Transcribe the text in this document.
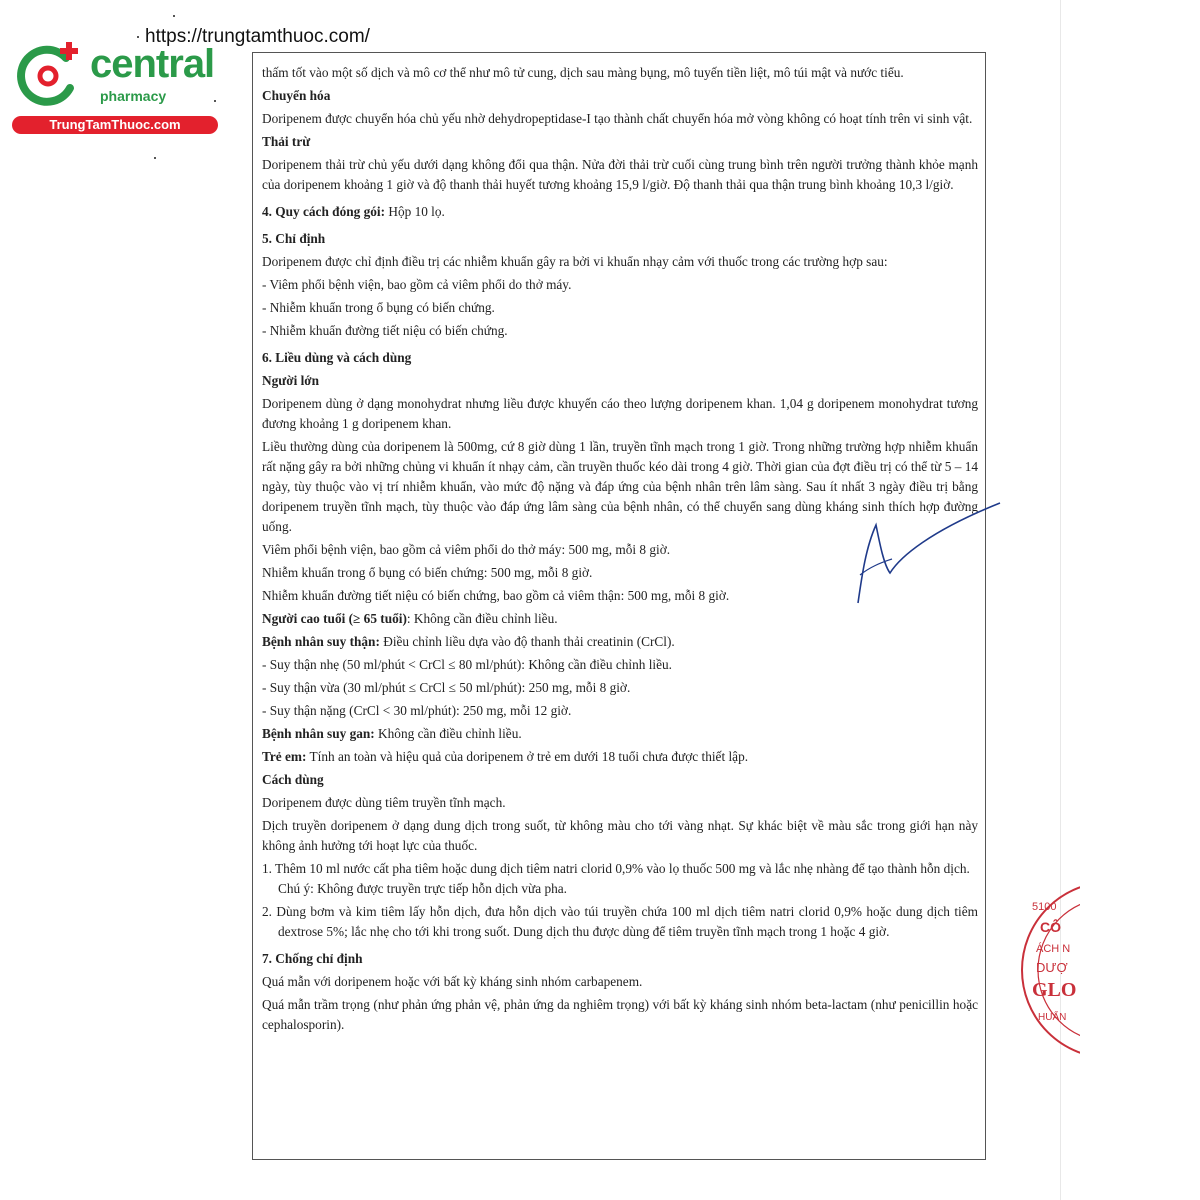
https://trungtamthuoc.com/
central
pharmacy
TrungTamThuoc.com

thấm tốt vào một số dịch và mô cơ thể như mô tử cung, dịch sau màng bụng, mô tuyến tiền liệt, mô túi mật và nước tiểu.

Chuyển hóa

Doripenem được chuyển hóa chủ yếu nhờ dehydropeptidase-I tạo thành chất chuyển hóa mở vòng không có hoạt tính trên vi sinh vật.

Thải trừ

Doripenem thải trừ chủ yếu dưới dạng không đổi qua thận. Nửa đời thải trừ cuối cùng trung bình trên người trưởng thành khỏe mạnh của doripenem khoảng 1 giờ và độ thanh thải huyết tương khoảng 15,9 l/giờ. Độ thanh thải qua thận trung bình khoảng 10,3 l/giờ.

4. Quy cách đóng gói: Hộp 10 lọ.

5. Chỉ định

Doripenem được chỉ định điều trị các nhiễm khuẩn gây ra bởi vi khuẩn nhạy cảm với thuốc trong các trường hợp sau:

- Viêm phổi bệnh viện, bao gồm cả viêm phổi do thở máy.

- Nhiễm khuẩn trong ổ bụng có biến chứng.

- Nhiễm khuẩn đường tiết niệu có biến chứng.

6. Liều dùng và cách dùng
Người lớn

Doripenem dùng ở dạng monohydrat nhưng liều được khuyến cáo theo lượng doripenem khan. 1,04 g doripenem monohydrat tương đương khoảng 1 g doripenem khan.

Liều thường dùng của doripenem là 500mg, cứ 8 giờ dùng 1 lần, truyền tĩnh mạch trong 1 giờ. Trong những trường hợp nhiễm khuẩn rất nặng gây ra bởi những chủng vi khuẩn ít nhạy cảm, cần truyền thuốc kéo dài trong 4 giờ. Thời gian của đợt điều trị có thể từ 5 – 14 ngày, tùy thuộc vào vị trí nhiễm khuẩn, vào mức độ nặng và đáp ứng của bệnh nhân trên lâm sàng. Sau ít nhất 3 ngày điều trị bằng doripenem truyền tĩnh mạch, tùy thuộc vào đáp ứng lâm sàng của bệnh nhân, có thể chuyển sang dùng kháng sinh thích hợp đường uống.

Viêm phổi bệnh viện, bao gồm cả viêm phổi do thở máy: 500 mg, mỗi 8 giờ.

Nhiễm khuẩn trong ổ bụng có biến chứng: 500 mg, mỗi 8 giờ.

Nhiễm khuẩn đường tiết niệu có biến chứng, bao gồm cả viêm thận: 500 mg, mỗi 8 giờ.

Người cao tuổi (≥ 65 tuổi): Không cần điều chỉnh liều.

Bệnh nhân suy thận: Điều chỉnh liều dựa vào độ thanh thải creatinin (CrCl).

- Suy thận nhẹ (50 ml/phút < CrCl ≤ 80 ml/phút): Không cần điều chỉnh liều.

- Suy thận vừa (30 ml/phút ≤ CrCl ≤ 50 ml/phút): 250 mg, mỗi 8 giờ.

- Suy thận nặng (CrCl < 30 ml/phút): 250 mg, mỗi 12 giờ.

Bệnh nhân suy gan: Không cần điều chỉnh liều.

Trẻ em: Tính an toàn và hiệu quả của doripenem ở trẻ em dưới 18 tuổi chưa được thiết lập.

Cách dùng

Doripenem được dùng tiêm truyền tĩnh mạch.

Dịch truyền doripenem ở dạng dung dịch trong suốt, từ không màu cho tới vàng nhạt. Sự khác biệt về màu sắc trong giới hạn này không ảnh hưởng tới hoạt lực của thuốc.

1. Thêm 10 ml nước cất pha tiêm hoặc dung dịch tiêm natri clorid 0,9% vào lọ thuốc 500 mg và lắc nhẹ nhàng để tạo thành hỗn dịch.

Chú ý: Không được truyền trực tiếp hỗn dịch vừa pha.

2. Dùng bơm và kim tiêm lấy hỗn dịch, đưa hỗn dịch vào túi truyền chứa 100 ml dịch tiêm natri clorid 0,9% hoặc dung dịch tiêm dextrose 5%; lắc nhẹ cho tới khi trong suốt. Dung dịch thu được dùng để tiêm truyền tĩnh mạch trong 1 hoặc 4 giờ.

7. Chống chỉ định

Quá mẫn với doripenem hoặc với bất kỳ kháng sinh nhóm carbapenem.

Quá mẫn trầm trọng (như phản ứng phản vệ, phản ứng da nghiêm trọng) với bất kỳ kháng sinh nhóm beta-lactam (như penicillin hoặc cephalosporin).

5100
CÔ
ÁCH N
DƯỢ
GLO
HUẨN
